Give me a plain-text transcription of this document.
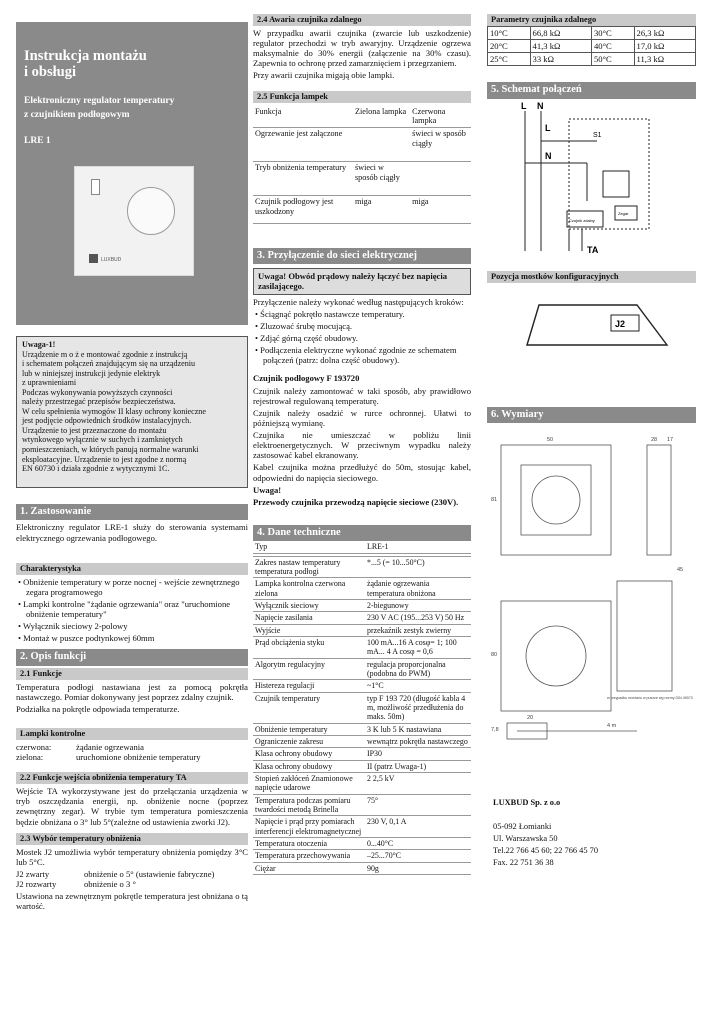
Instrukcja montażu
i obsługi
Elektroniczny regulator temperatury
z czujnikiem podłogowym
LRE 1
LUXBUD
Uwaga-1!
Urządzenie m o ż e montować zgodnie z instrukcją
i schematem połączeń znajdującym się na urządzeniu
lub w niniejszej instrukcji jedynie elektryk
z uprawnieniami
Podczas wykonywania powyższych czynności
należy przestrzegać przepisów bezpieczeństwa.
W celu spełnienia wymogów II klasy ochrony konieczne
jest podjęcie odpowiednich środków instalacyjnych.
Urządzenie to jest przeznaczone do montażu
wtynkowego wyłącznie w suchych i zamkniętych
pomieszczeniach, w których panują normalne warunki
eksploatacyjne. Urządzenie to jest zgodne z normą
EN 60730 i działa zgodnie z wytycznymi 1C.
1. Zastosowanie

Elektroniczny regulator LRE-1 służy do sterowania systemami elektrycznego ogrzewania podłogowego.

Charakterystyka
• Obniżenie temperatury w porze nocnej - wejście zewnętrznego zegara programowego
• Lampki kontrolne "żądanie ogrzewania" oraz "uruchomione obniżenie temperatury"
• Wyłącznik sieciowy 2-polowy
• Montaż w puszce podtynkowej 60mm
2. Opis funkcji
2.1 Funkcje

Temperatura podłogi nastawiana jest za pomocą pokrętła nastawczego. Pomiar dokonywany jest poprzez zdalny czujnik.

Podziałka na pokrętle odpowiada temperaturze.

Lampki kontrolne
czerwona:	żądanie ogrzewania
zielona:	uruchomione obniżenie temperatury
2.2 Funkcje wejścia obniżenia temperatury TA

Wejście TA wykorzystywane jest do przełączania urządzenia w tryb oszczędzania energii, np. obniżenie nocne (poprzez zewnętrzny zegar). W trybie tym temperatura pomieszczenia będzie obniżana o 3° lub 5°(zależne od ustawienia zworki J2).

2.3 Wybór temperatury obniżenia

Mostek J2 umożliwia wybór temperatury obniżenia pomiędzy 3°C lub 5°C.

J2 zwarty	obniżenie o 5° (ustawienie fabryczne)
J2 rozwarty	obniżenie o 3 °

Ustawiona na zewnętrznym pokrętle temperatura jest obniżana o tą wartość.

2.4 Awaria czujnika zdalnego

W przypadku awarii czujnika (zwarcie lub uszkodzenie) regulator przechodzi w tryb awaryjny. Urządzenie ogrzewa maksymalnie do 30% energii (załączenie na 30% czasu). Zapewnia to ochronę przed zamarznięciem i przegrzaniem.

Przy awarii czujnika migają obie lampki.

2.5 Funkcja lampek
Funkcja	Zielona lampka	Czerwona lampka
Ogrzewanie jest załączone		świeci w sposób ciągły
Tryb obniżenia temperatury	świeci w sposób ciągły	
Czujnik podłogowy jest uszkodzony	miga	miga
3. Przyłączenie do sieci elektrycznej
Uwaga! Obwód prądowy należy łączyć bez napięcia zasilającego.

Przyłączenie należy wykonać według następujących kroków:

• Ściągnąć pokrętło nastawcze temperatury.
• Zluzować śrubę mocującą.
• Zdjąć górną część obudowy.
• Podłączenia elektryczne wykonać zgodnie ze schematem połączeń (patrz: dolna część obudowy).

Czujnik podłogowy F 193720

Czujnik należy zamontować w taki sposób, aby prawidłowo rejestrował regulowaną temperaturę.

Czujnik należy osadzić w rurce ochronnej. Ułatwi to późniejszą wymianę.

Czujnika nie umieszczać w pobliżu linii elektroenergetycznych. W przeciwnym wypadku należy zastosować kabel ekranowany.

Kabel czujnika można przedłużyć do 50m, stosując kabel, odpowiedni do napięcia sieciowego.

Uwaga!

Przewody czujnika przewodzą napięcie sieciowe (230V).

4. Dane techniczne
Typ	LRE-1

Zakres nastaw temperatury temperatura podłogi	*...5 (= 10...50°C)
Lampka kontrolna czerwona zielona	żądanie ogrzewania temperatura obniżona
Wyłącznik sieciowy	2-biegunowy
Napięcie zasilania	230 V AC (195...253 V) 50 Hz
Wyjście	przekaźnik zestyk zwierny
Prąd obciążenia styku	100 mA...16 A cosφ= 1; 100 mA... 4 A cosφ = 0,6
Algorytm regulacyjny	regulacja proporcjonalna (podobna do PWM)
Histereza regulacji	~1°C
Czujnik temperatury	typ F 193 720 (długość kabla 4 m, możliwość przedłużenia do maks. 50m)
Obniżenie temperatury	3 K lub 5 K nastawiana
Ograniczenie zakresu	wewnątrz pokrętła nastawczego
Klasa ochrony obudowy	IP30
Klasa ochrony obudowy	II (patrz Uwaga-1)
Stopień zakłóceń Znamionowe napięcie udarowe	2 2,5 kV
Temperatura podczas pomiaru twardości metodą Brinella	75°
Napięcie i prąd przy pomiarach interferencji elektromagnetycznej	230 V, 0,1 A
Temperatura otoczenia	0...40°C
Temperatura przechowywania	–25...70°C
Ciężar	90g
Parametry czujnika zdalnego
10°C	66,8 kΩ	30°C	26,3 kΩ
20°C	41,3 kΩ	40°C	17,0 kΩ
25°C	33 kΩ	50°C	11,3 kΩ
5. Schemat połączeń
L N
L
N
S1
TA
Zegar
Czujnik zdalny
Pozycja mostków konfiguracyjnych
J2
6. Wymiary
50	28 17
81
45
80
w przypadku montażu w puszce wg normy DIN 49073
20
4 m
7,8
LUXBUD Sp. z o.o
05-092 Łomianki
Ul. Warszawska 50
Tel.22 766 45 60; 22 766 45 70
Fax. 22 751 36 38
